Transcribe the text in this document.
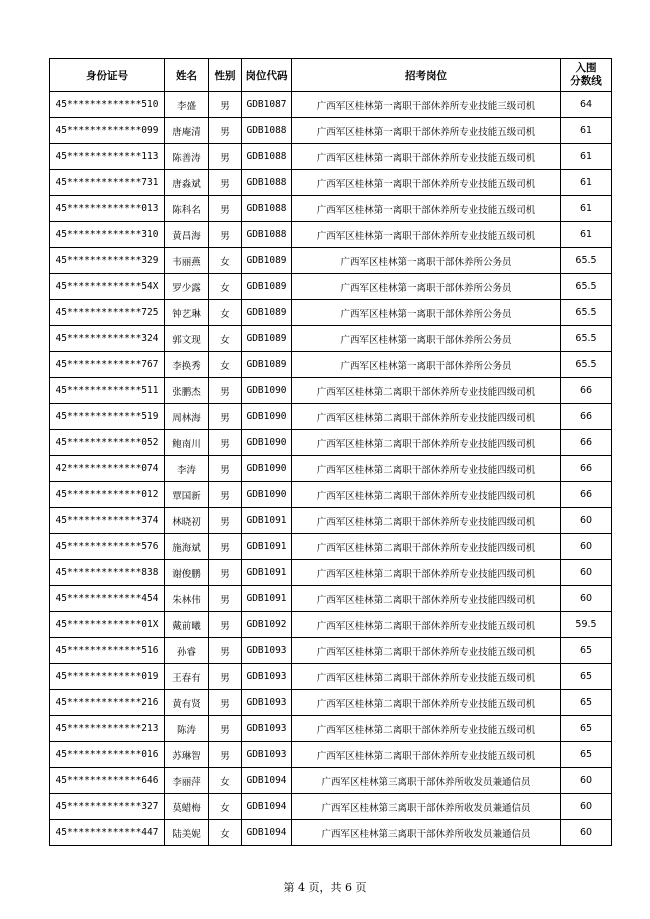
身份证号	姓名	性别	岗位代码	招考岗位	入围
分数线

45*************510	李盛	男	GDB1087	广西军区桂林第一离职干部休养所专业技能三级司机	64
45*************099	唐庵清	男	GDB1088	广西军区桂林第一离职干部休养所专业技能五级司机	61
45*************113	陈善涛	男	GDB1088	广西军区桂林第一离职干部休养所专业技能五级司机	61
45*************731	唐淼斌	男	GDB1088	广西军区桂林第一离职干部休养所专业技能五级司机	61
45*************013	陈科名	男	GDB1088	广西军区桂林第一离职干部休养所专业技能五级司机	61
45*************310	黄昌海	男	GDB1088	广西军区桂林第一离职干部休养所专业技能五级司机	61
45*************329	韦丽燕	女	GDB1089	广西军区桂林第一离职干部休养所公务员	65.5
45*************54X	罗少露	女	GDB1089	广西军区桂林第一离职干部休养所公务员	65.5
45*************725	钟艺琳	女	GDB1089	广西军区桂林第一离职干部休养所公务员	65.5
45*************324	郭文现	女	GDB1089	广西军区桂林第一离职干部休养所公务员	65.5
45*************767	李换秀	女	GDB1089	广西军区桂林第一离职干部休养所公务员	65.5
45*************511	张鹏杰	男	GDB1090	广西军区桂林第二离职干部休养所专业技能四级司机	66
45*************519	周林海	男	GDB1090	广西军区桂林第二离职干部休养所专业技能四级司机	66
45*************052	鲍南川	男	GDB1090	广西军区桂林第二离职干部休养所专业技能四级司机	66
42*************074	李涛	男	GDB1090	广西军区桂林第二离职干部休养所专业技能四级司机	66
45*************012	覃国新	男	GDB1090	广西军区桂林第二离职干部休养所专业技能四级司机	66
45*************374	林晓初	男	GDB1091	广西军区桂林第二离职干部休养所专业技能四级司机	60
45*************576	施海斌	男	GDB1091	广西军区桂林第二离职干部休养所专业技能四级司机	60
45*************838	谢俊鹏	男	GDB1091	广西军区桂林第二离职干部休养所专业技能四级司机	60
45*************454	朱林伟	男	GDB1091	广西军区桂林第二离职干部休养所专业技能四级司机	60
45*************01X	戴前曦	男	GDB1092	广西军区桂林第二离职干部休养所专业技能五级司机	59.5
45*************516	孙睿	男	GDB1093	广西军区桂林第二离职干部休养所专业技能五级司机	65
45*************019	王春有	男	GDB1093	广西军区桂林第二离职干部休养所专业技能五级司机	65
45*************216	黄有贤	男	GDB1093	广西军区桂林第二离职干部休养所专业技能五级司机	65
45*************213	陈涛	男	GDB1093	广西军区桂林第二离职干部休养所专业技能五级司机	65
45*************016	苏琳智	男	GDB1093	广西军区桂林第二离职干部休养所专业技能五级司机	65
45*************646	李丽萍	女	GDB1094	广西军区桂林第三离职干部休养所收发员兼通信员	60
45*************327	莫蜡梅	女	GDB1094	广西军区桂林第三离职干部休养所收发员兼通信员	60
45*************447	陆美妮	女	GDB1094	广西军区桂林第三离职干部休养所收发员兼通信员	60
第 4 页，共 6 页
